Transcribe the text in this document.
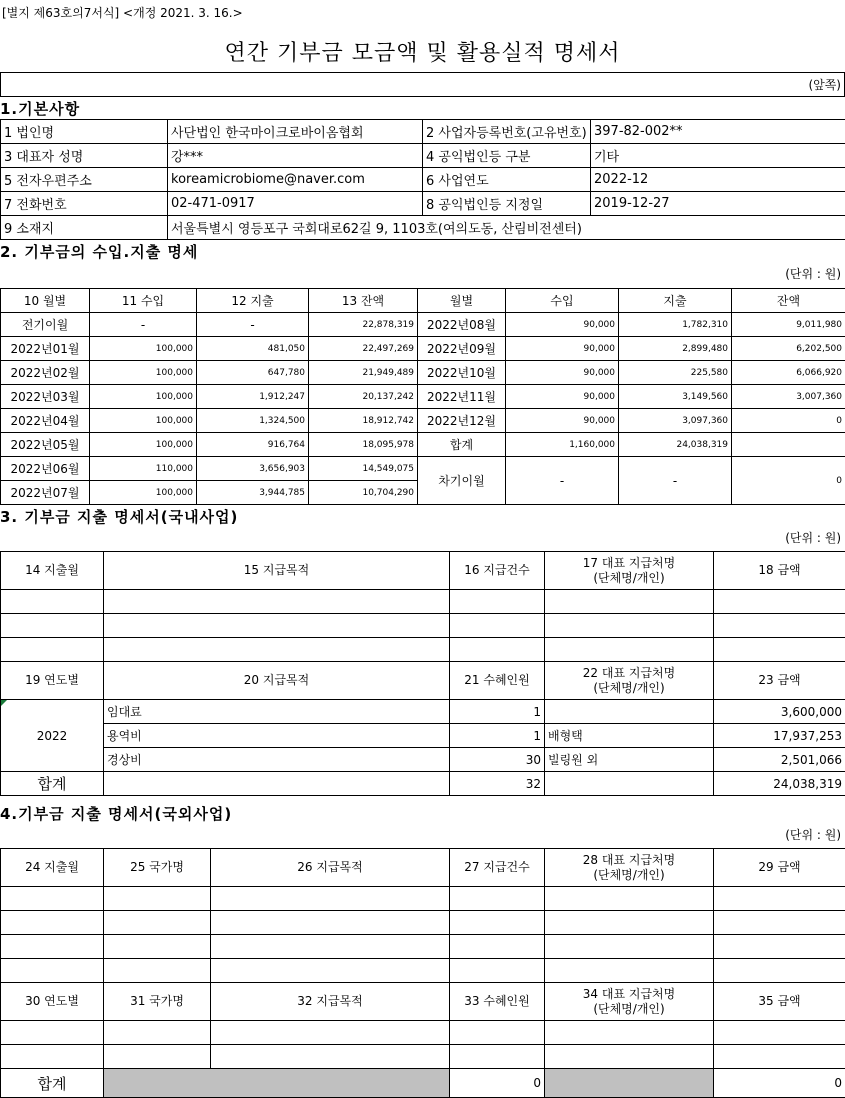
[별지 제63호의7서식] <개정 2021. 3. 16.>
연간 기부금 모금액 및 활용실적 명세서
(앞쪽)
1.기본사항
1 법인명	사단법인 한국마이크로바이옴협회	2 사업자등록번호(고유번호)	397-82-002**
3 대표자 성명	강***	4 공익법인등 구분	기타
5 전자우편주소	koreamicrobiome@naver.com	6 사업연도	2022-12
7 전화번호	02-471-0917	8 공익법인등 지정일	2019-12-27
9 소재지	서울특별시 영등포구 국회대로62길 9, 1103호(여의도동, 산림비전센터)		
2. 기부금의 수입.지출 명세
(단위 : 원)
10 월별	11 수입	12 지출	13 잔액	월별	수입	지출	잔액
전기이월	-	-	22,878,319	2022년08월	90,000	1,782,310	9,011,980
2022년01월	100,000	481,050	22,497,269	2022년09월	90,000	2,899,480	6,202,500
2022년02월	100,000	647,780	21,949,489	2022년10월	90,000	225,580	6,066,920
2022년03월	100,000	1,912,247	20,137,242	2022년11월	90,000	3,149,560	3,007,360
2022년04월	100,000	1,324,500	18,912,742	2022년12월	90,000	3,097,360	0
2022년05월	100,000	916,764	18,095,978	합계	1,160,000	24,038,319	
2022년06월	110,000	3,656,903	14,549,075	차기이월	-	-	0
2022년07월	100,000	3,944,785	10,704,290				
3. 기부금 지출 명세서(국내사업)
(단위 : 원)
14 지출월	15 지급목적	16 지급건수	17 대표 지급처명
(단체명/개인)	18 금액

19 연도별	20 지급목적	21 수혜인원	22 대표 지급처명
(단체명/개인)	23 금액
2022	임대료	1		3,600,000
	용역비	1	배형택	17,937,253
	경상비	30	빌링원 외	2,501,066
합계		32		24,038,319
4.기부금 지출 명세서(국외사업)
(단위 : 원)
24 지출월	25 국가명	26 지급목적	27 지급건수	28 대표 지급처명
(단체명/개인)	29 금액

30 연도별	31 국가명	32 지급목적	33 수혜인원	34 대표 지급처명
(단체명/개인)	35 금액

합계			0		0
